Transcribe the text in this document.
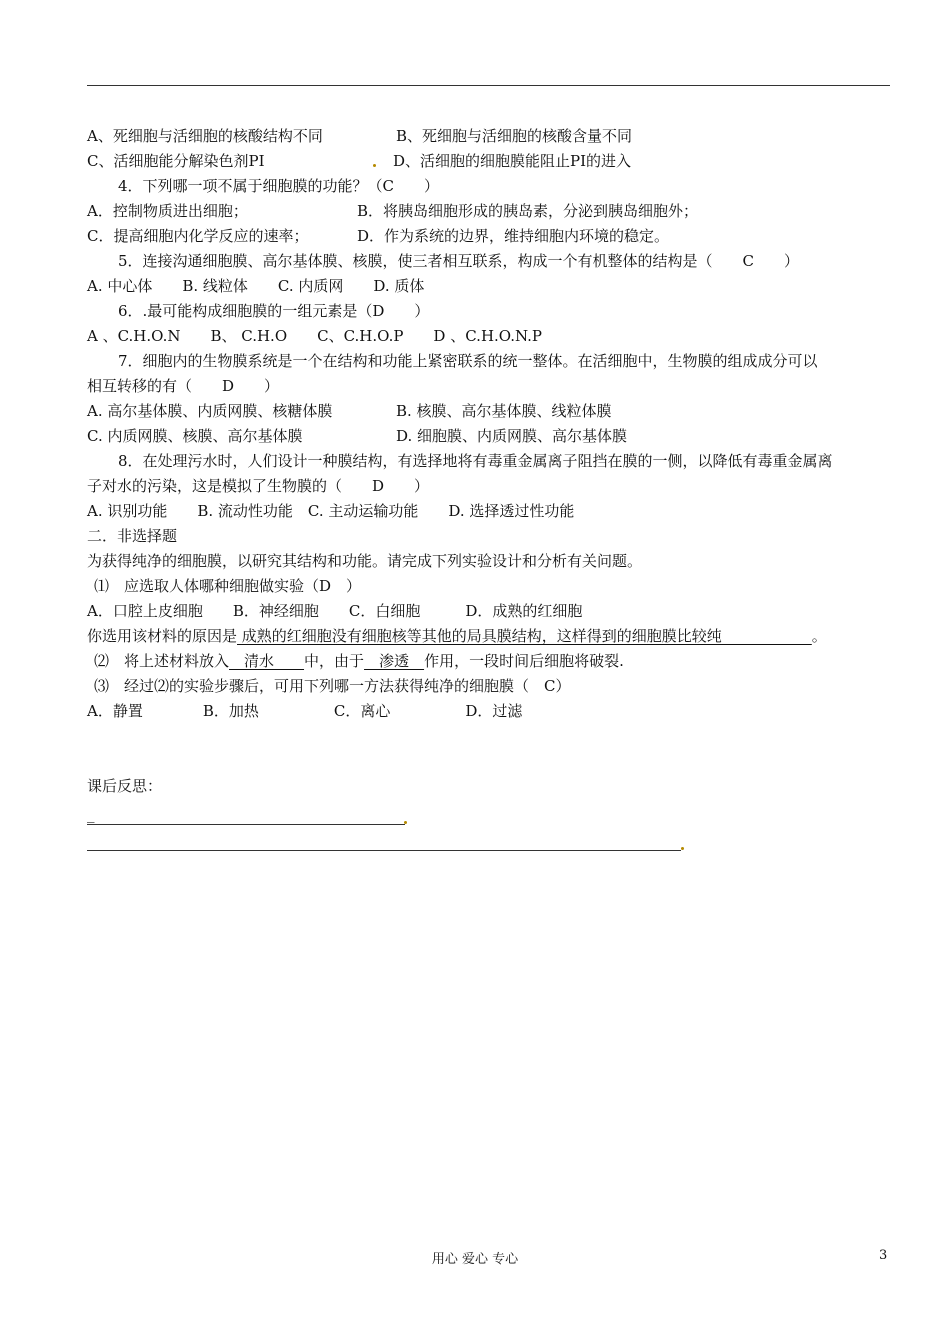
A、死细胞与活细胞的核酸结构不同	B、死细胞与活细胞的核酸含量不同
C、活细胞能分解染色剂PI	D、活细胞的细胞膜能阻止PI的进入
4．下列哪一项不属于细胞膜的功能？（C　　）
A．控制物质进出细胞；	B．将胰岛细胞形成的胰岛素，分泌到胰岛细胞外；
C．提高细胞内化学反应的速率；	D．作为系统的边界，维持细胞内环境的稳定。
5．连接沟通细胞膜、高尔基体膜、核膜，使三者相互联系，构成一个有机整体的结构是（　　C　　）
A. 中心体　　B. 线粒体　　C. 内质网　　D. 质体
6．.最可能构成细胞膜的一组元素是（D　　）
A 、C.H.O.N　　B、 C.H.O　　C、C.H.O.P　　D 、C.H.O.N.P
7．细胞内的生物膜系统是一个在结构和功能上紧密联系的统一整体。在活细胞中，生物膜的组成成分可以
相互转移的有（　　D　　）
A. 高尔基体膜、内质网膜、核糖体膜	B. 核膜、高尔基体膜、线粒体膜
C. 内质网膜、核膜、高尔基体膜	D. 细胞膜、内质网膜、高尔基体膜
8．在处理污水时，人们设计一种膜结构，有选择地将有毒重金属离子阻挡在膜的一侧，以降低有毒重金属离
子对水的污染，这是模拟了生物膜的（　　D　　）
A. 识别功能　　B. 流动性功能　C. 主动运输功能　　D. 选择透过性功能
二．非选择题
为获得纯净的细胞膜，以研究其结构和功能。请完成下列实验设计和分析有关问题。
⑴　应选取人体哪种细胞做实验（D　）
A．口腔上皮细胞　　B．神经细胞　　C．白细胞　　　D．成熟的红细胞
你选用该材料的原因是 成熟的红细胞没有细胞核等其他的局具膜结构，这样得到的细胞膜比较纯　　　　　　。
⑵　将上述材料放入　清水　　中，由于　渗透　作用，一段时间后细胞将破裂.
⑶　经过⑵的实验步骤后，可用下列哪一方法获得纯净的细胞膜（　C）
A．静置　　　　B．加热　　　　　C．离心　　　　　D．过滤
课后反思：
_
用心 爱心 专心	3
